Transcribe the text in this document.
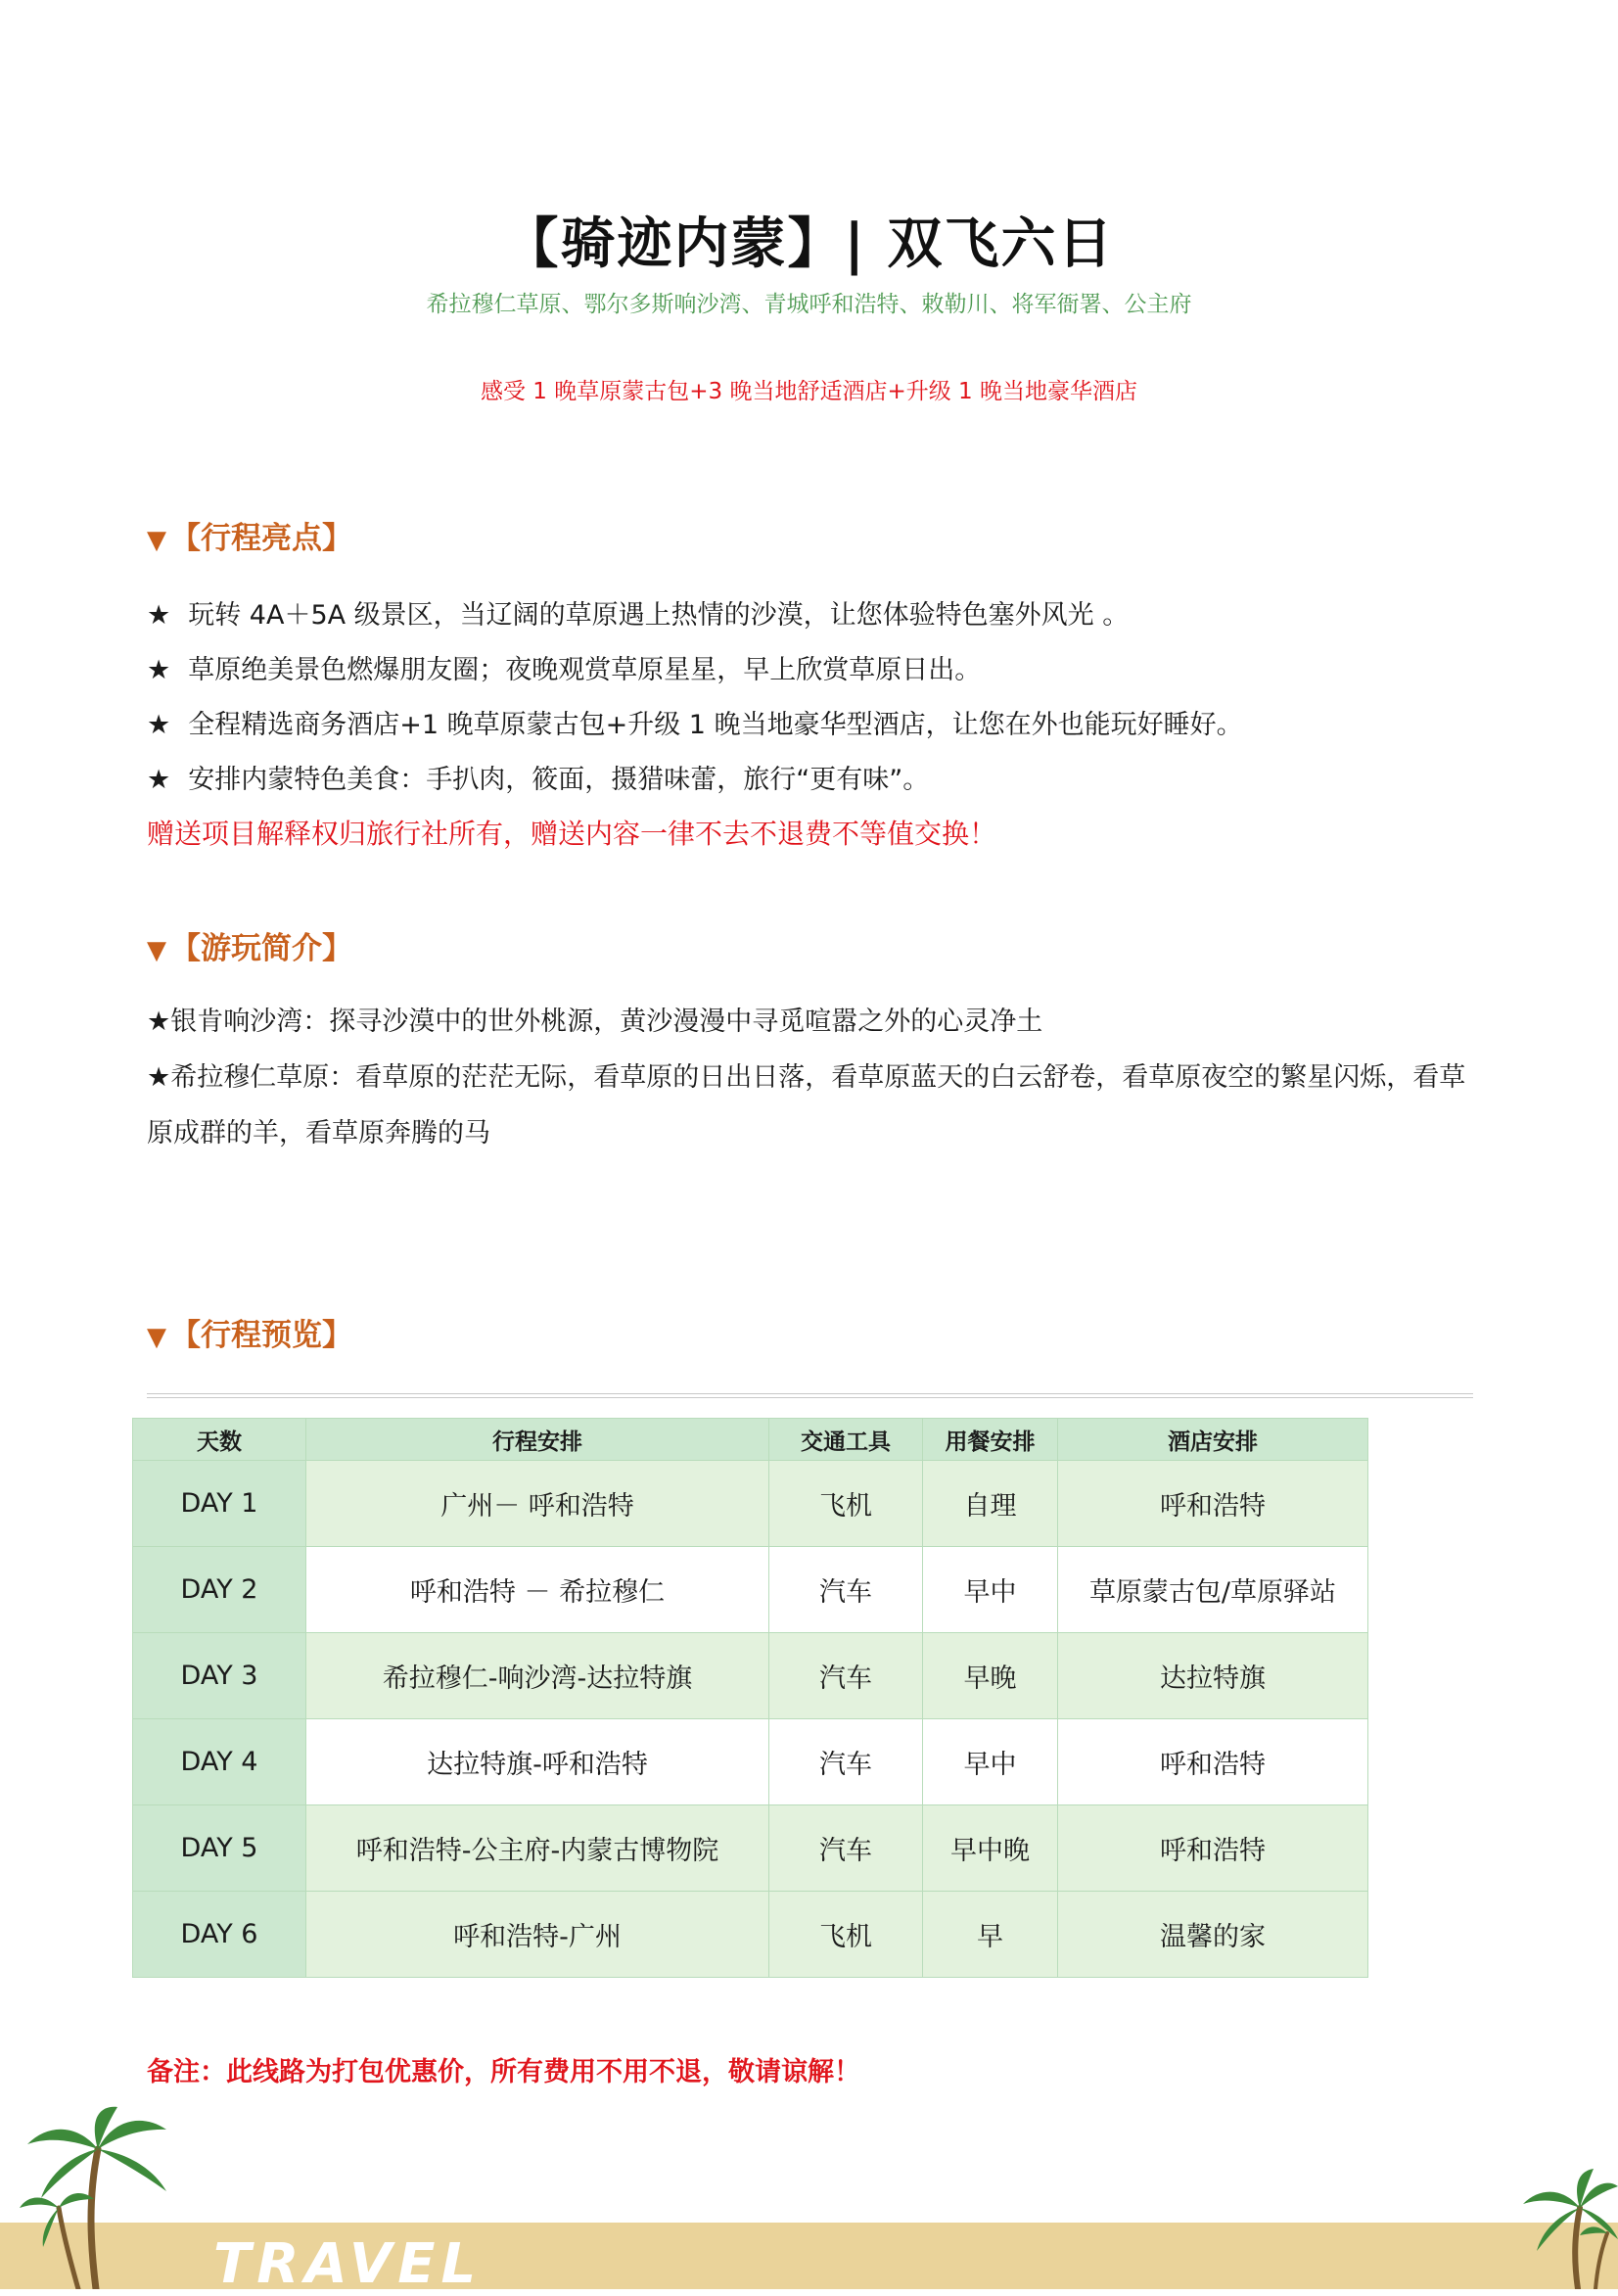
【骑迹内蒙】| 双飞六日
希拉穆仁草原、鄂尔多斯响沙湾、青城呼和浩特、敕勒川、将军衙署、公主府
感受 1 晚草原蒙古包+3 晚当地舒适酒店+升级 1 晚当地豪华酒店
▼ 【行程亮点】
★ 玩转 4A＋5A 级景区，当辽阔的草原遇上热情的沙漠，让您体验特色塞外风光 。
★ 草原绝美景色燃爆朋友圈；夜晚观赏草原星星，早上欣赏草原日出。
★ 全程精选商务酒店+1 晚草原蒙古包+升级 1 晚当地豪华型酒店，让您在外也能玩好睡好。
★ 安排内蒙特色美食：手扒肉，筱面，摄猎味蕾，旅行“更有味”。
赠送项目解释权归旅行社所有，赠送内容一律不去不退费不等值交换！
▼ 【游玩简介】
★银肯响沙湾：探寻沙漠中的世外桃源，黄沙漫漫中寻觅喧嚣之外的心灵净土
★希拉穆仁草原：看草原的茫茫无际，看草原的日出日落，看草原蓝天的白云舒卷，看草原夜空的繁星闪烁，看草原成群的羊，看草原奔腾的马
▼ 【行程预览】
天数	行程安排	交通工具	用餐安排	酒店安排
DAY 1	广州－ 呼和浩特	飞机	自理	呼和浩特
DAY 2	呼和浩特 － 希拉穆仁	汽车	早中	草原蒙古包/草原驿站
DAY 3	希拉穆仁-响沙湾-达拉特旗	汽车	早晚	达拉特旗
DAY 4	达拉特旗-呼和浩特	汽车	早中	呼和浩特
DAY 5	呼和浩特-公主府-内蒙古博物院	汽车	早中晚	呼和浩特
DAY 6	呼和浩特-广州	飞机	早	温馨的家
备注：此线路为打包优惠价，所有费用不用不退，敬请谅解！
TRAVEL
